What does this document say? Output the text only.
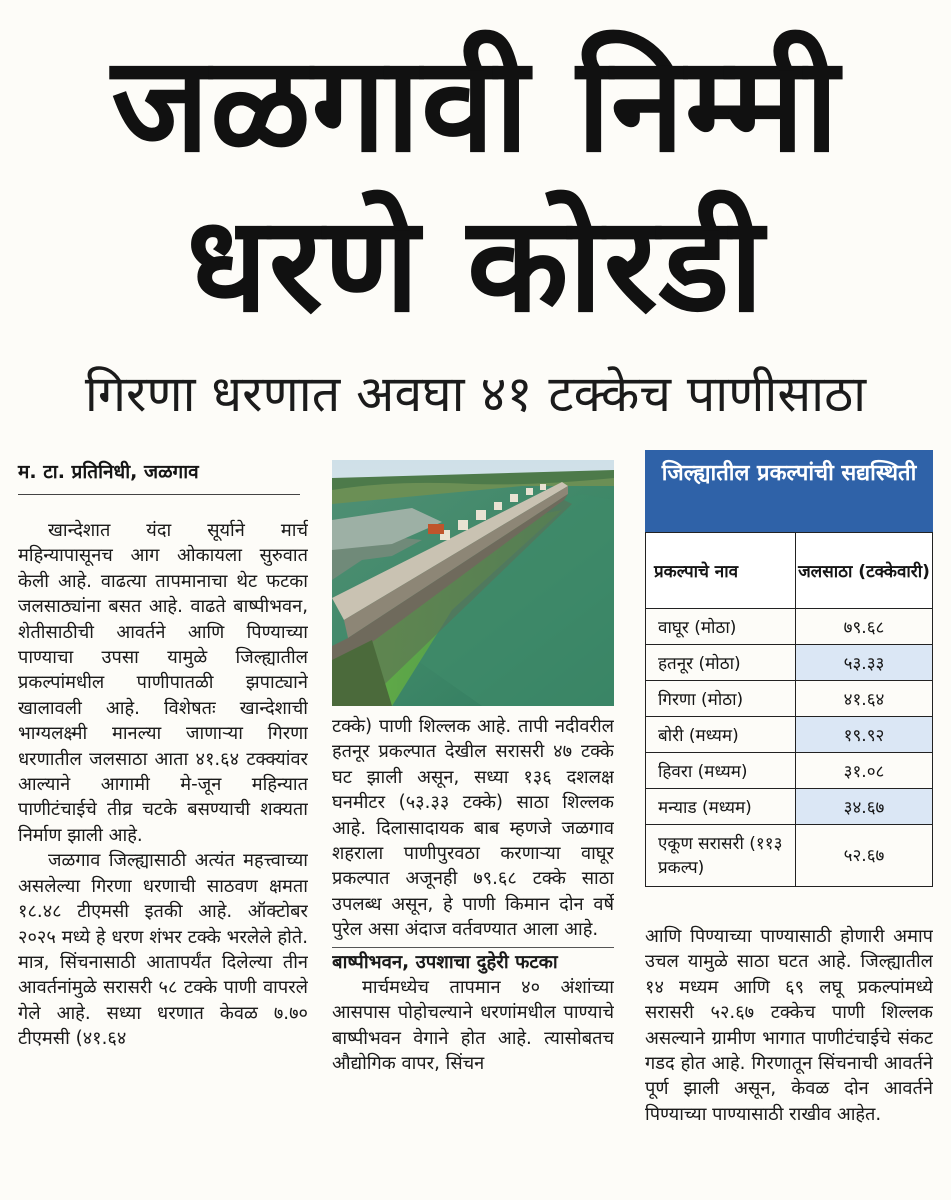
जळगावी निम्मी
धरणे कोरडी
गिरणा धरणात अवघा ४१ टक्केच पाणीसाठा
म. टा. प्रतिनिधी, जळगाव

खान्देशात यंदा सूर्याने मार्च महिन्यापासूनच आग ओकायला सुरुवात केली आहे. वाढत्या तापमानाचा थेट फटका जलसाठ्यांना बसत आहे. वाढते बाष्पीभवन, शेतीसाठीची आवर्तने आणि पिण्याच्या पाण्याचा उपसा यामुळे जिल्ह्यातील प्रकल्पांमधील पाणीपातळी झपाट्याने खालावली आहे. विशेषतः खान्देशाची भाग्यलक्ष्मी मानल्या जाणाऱ्या गिरणा धरणातील जलसाठा आता ४१.६४ टक्क्यांवर आल्याने आगामी मे-जून महिन्यात पाणीटंचाईचे तीव्र चटके बसण्याची शक्यता निर्माण झाली आहे.

जळगाव जिल्ह्यासाठी अत्यंत महत्त्वाच्या असलेल्या गिरणा धरणाची साठवण क्षमता १८.४८ टीएमसी इतकी आहे. ऑक्टोबर २०२५ मध्ये हे धरण शंभर टक्के भरलेले होते. मात्र, सिंचनासाठी आतापर्यंत दिलेल्या तीन आवर्तनांमुळे सरासरी ५८ टक्के पाणी वापरले गेले आहे. सध्या धरणात केवळ ७.७० टीएमसी (४१.६४

टक्के) पाणी शिल्लक आहे. तापी नदीवरील हतनूर प्रकल्पात देखील सरासरी ४७ टक्के घट झाली असून, सध्या १३६ दशलक्ष घनमीटर (५३.३३ टक्के) साठा शिल्लक आहे. दिलासादायक बाब म्हणजे जळगाव शहराला पाणीपुरवठा करणाऱ्या वाघूर प्रकल्पात अजूनही ७९.६८ टक्के साठा उपलब्ध असून, हे पाणी किमान दोन वर्षे पुरेल असा अंदाज वर्तवण्यात आला आहे.

बाष्पीभवन, उपशाचा दुहेरी फटका

मार्चमध्येच तापमान ४० अंशांच्या आसपास पोहोचल्याने धरणांमधील पाण्याचे बाष्पीभवन वेगाने होत आहे. त्यासोबतच औद्योगिक वापर, सिंचन

जिल्ह्यातील प्रकल्पांची सद्यस्थिती
प्रकल्पाचे नाव	जलसाठा (टक्केवारी)
वाघूर (मोठा)	७९.६८
हतनूर (मोठा)	५३.३३
गिरणा (मोठा)	४१.६४
बोरी (मध्यम)	१९.९२
हिवरा (मध्यम)	३१.०८
मन्याड (मध्यम)	३४.६७
एकूण सरासरी (११३ प्रकल्प)	५२.६७

आणि पिण्याच्या पाण्यासाठी होणारी अमाप उचल यामुळे साठा घटत आहे. जिल्ह्यातील १४ मध्यम आणि ६९ लघू प्रकल्पांमध्ये सरासरी ५२.६७ टक्केच पाणी शिल्लक असल्याने ग्रामीण भागात पाणीटंचाईचे संकट गडद होत आहे. गिरणातून सिंचनाची आवर्तने पूर्ण झाली असून, केवळ दोन आवर्तने पिण्याच्या पाण्यासाठी राखीव आहेत.
